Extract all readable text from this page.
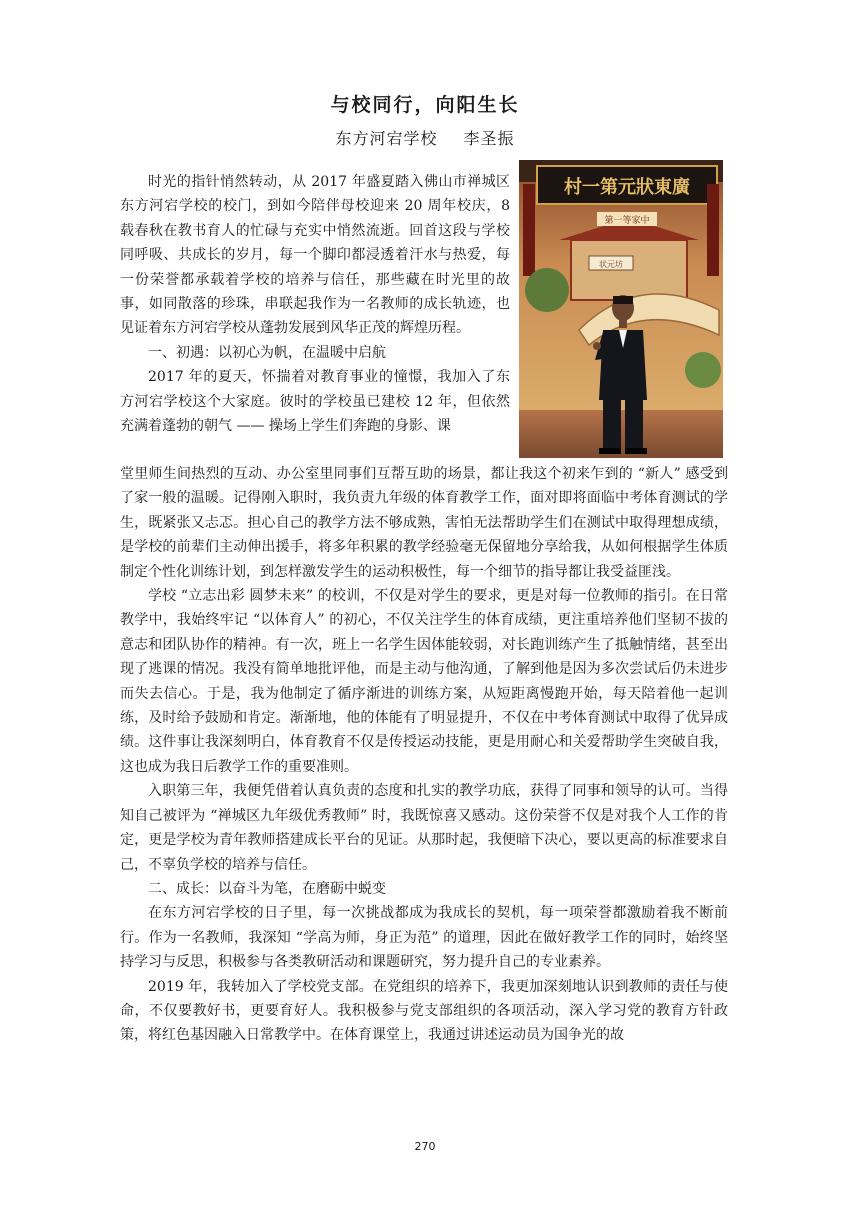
与校同行，向阳生长
东方河宕学校 李圣振
村一第元狀東廣
第一等家中
状元坊

时光的指针悄然转动，从 2017 年盛夏踏入佛山市禅城区东方河宕学校的校门，到如今陪伴母校迎来 20 周年校庆，8 载春秋在教书育人的忙碌与充实中悄然流逝。回首这段与学校同呼吸、共成长的岁月，每一个脚印都浸透着汗水与热爱，每一份荣誉都承载着学校的培养与信任，那些藏在时光里的故事，如同散落的珍珠，串联起我作为一名教师的成长轨迹，也见证着东方河宕学校从蓬勃发展到风华正茂的辉煌历程。

一、初遇：以初心为帆，在温暖中启航

2017 年的夏天，怀揣着对教育事业的憧憬，我加入了东方河宕学校这个大家庭。彼时的学校虽已建校 12 年，但依然充满着蓬勃的朝气 —— 操场上学生们奔跑的身影、课

堂里师生间热烈的互动、办公室里同事们互帮互助的场景，都让我这个初来乍到的 “新人” 感受到了家一般的温暖。记得刚入职时，我负责九年级的体育教学工作，面对即将面临中考体育测试的学生，既紧张又忐忑。担心自己的教学方法不够成熟，害怕无法帮助学生们在测试中取得理想成绩，是学校的前辈们主动伸出援手，将多年积累的教学经验毫无保留地分享给我，从如何根据学生体质制定个性化训练计划，到怎样激发学生的运动积极性，每一个细节的指导都让我受益匪浅。

学校 “立志出彩 圆梦未来” 的校训，不仅是对学生的要求，更是对每一位教师的指引。在日常教学中，我始终牢记 “以体育人” 的初心，不仅关注学生的体育成绩，更注重培养他们坚韧不拔的意志和团队协作的精神。有一次，班上一名学生因体能较弱，对长跑训练产生了抵触情绪，甚至出现了逃课的情况。我没有简单地批评他，而是主动与他沟通，了解到他是因为多次尝试后仍未进步而失去信心。于是，我为他制定了循序渐进的训练方案，从短距离慢跑开始，每天陪着他一起训练，及时给予鼓励和肯定。渐渐地，他的体能有了明显提升，不仅在中考体育测试中取得了优异成绩。这件事让我深刻明白，体育教育不仅是传授运动技能，更是用耐心和关爱帮助学生突破自我，这也成为我日后教学工作的重要准则。

入职第三年，我便凭借着认真负责的态度和扎实的教学功底，获得了同事和领导的认可。当得知自己被评为 “禅城区九年级优秀教师” 时，我既惊喜又感动。这份荣誉不仅是对我个人工作的肯定，更是学校为青年教师搭建成长平台的见证。从那时起，我便暗下决心，要以更高的标准要求自己，不辜负学校的培养与信任。

二、成长：以奋斗为笔，在磨砺中蜕变

在东方河宕学校的日子里，每一次挑战都成为我成长的契机，每一项荣誉都激励着我不断前行。作为一名教师，我深知 “学高为师，身正为范” 的道理，因此在做好教学工作的同时，始终坚持学习与反思，积极参与各类教研活动和课题研究，努力提升自己的专业素养。

2019 年，我转加入了学校党支部。在党组织的培养下，我更加深刻地认识到教师的责任与使命，不仅要教好书，更要育好人。我积极参与党支部组织的各项活动，深入学习党的教育方针政策，将红色基因融入日常教学中。在体育课堂上，我通过讲述运动员为国争光的故

270
